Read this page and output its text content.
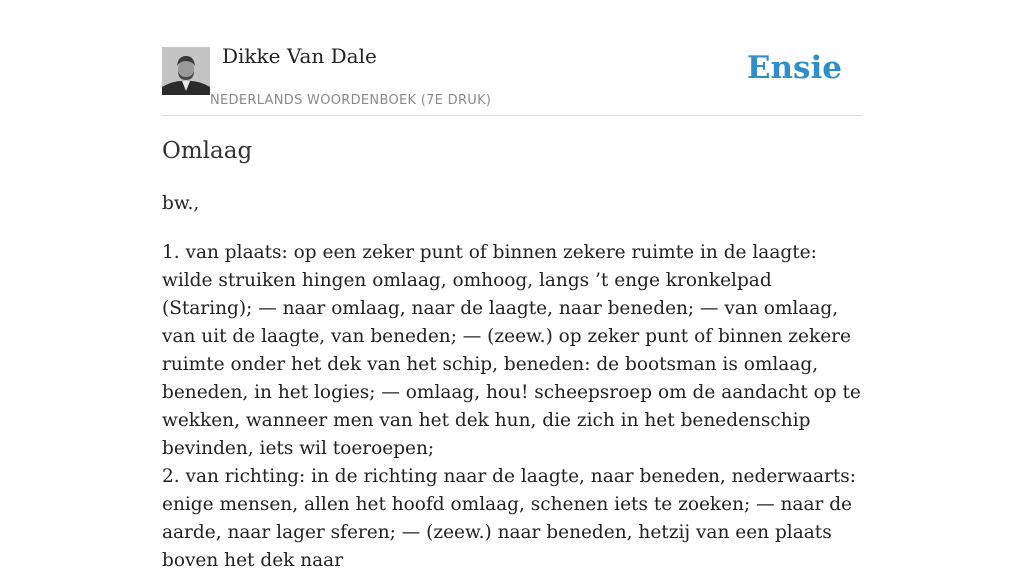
Dikke Van Dale
NEDERLANDS WOORDENBOEK (7E DRUK)
Ensie
Omlaag

bw.,

1. van plaats: op een zeker punt of binnen zekere ruimte in de laagte: wilde struiken hingen omlaag, omhoog, langs ’t enge kronkelpad (Staring); — naar omlaag, naar de laagte, naar beneden; — van omlaag, van uit de laagte, van beneden; — (zeew.) op zeker punt of binnen zekere ruimte onder het dek van het schip, beneden: de bootsman is omlaag, beneden, in het logies; — omlaag, hou! scheepsroep om de aandacht op te wekken, wanneer men van het dek hun, die zich in het benedenschip bevinden, iets wil toeroepen;

2. van richting: in de richting naar de laagte, naar beneden, nederwaarts: enige mensen, allen het hoofd omlaag, schenen iets te zoeken; — naar de aarde, naar lager sferen; — (zeew.) naar beneden, hetzij van een plaats boven het dek naar
